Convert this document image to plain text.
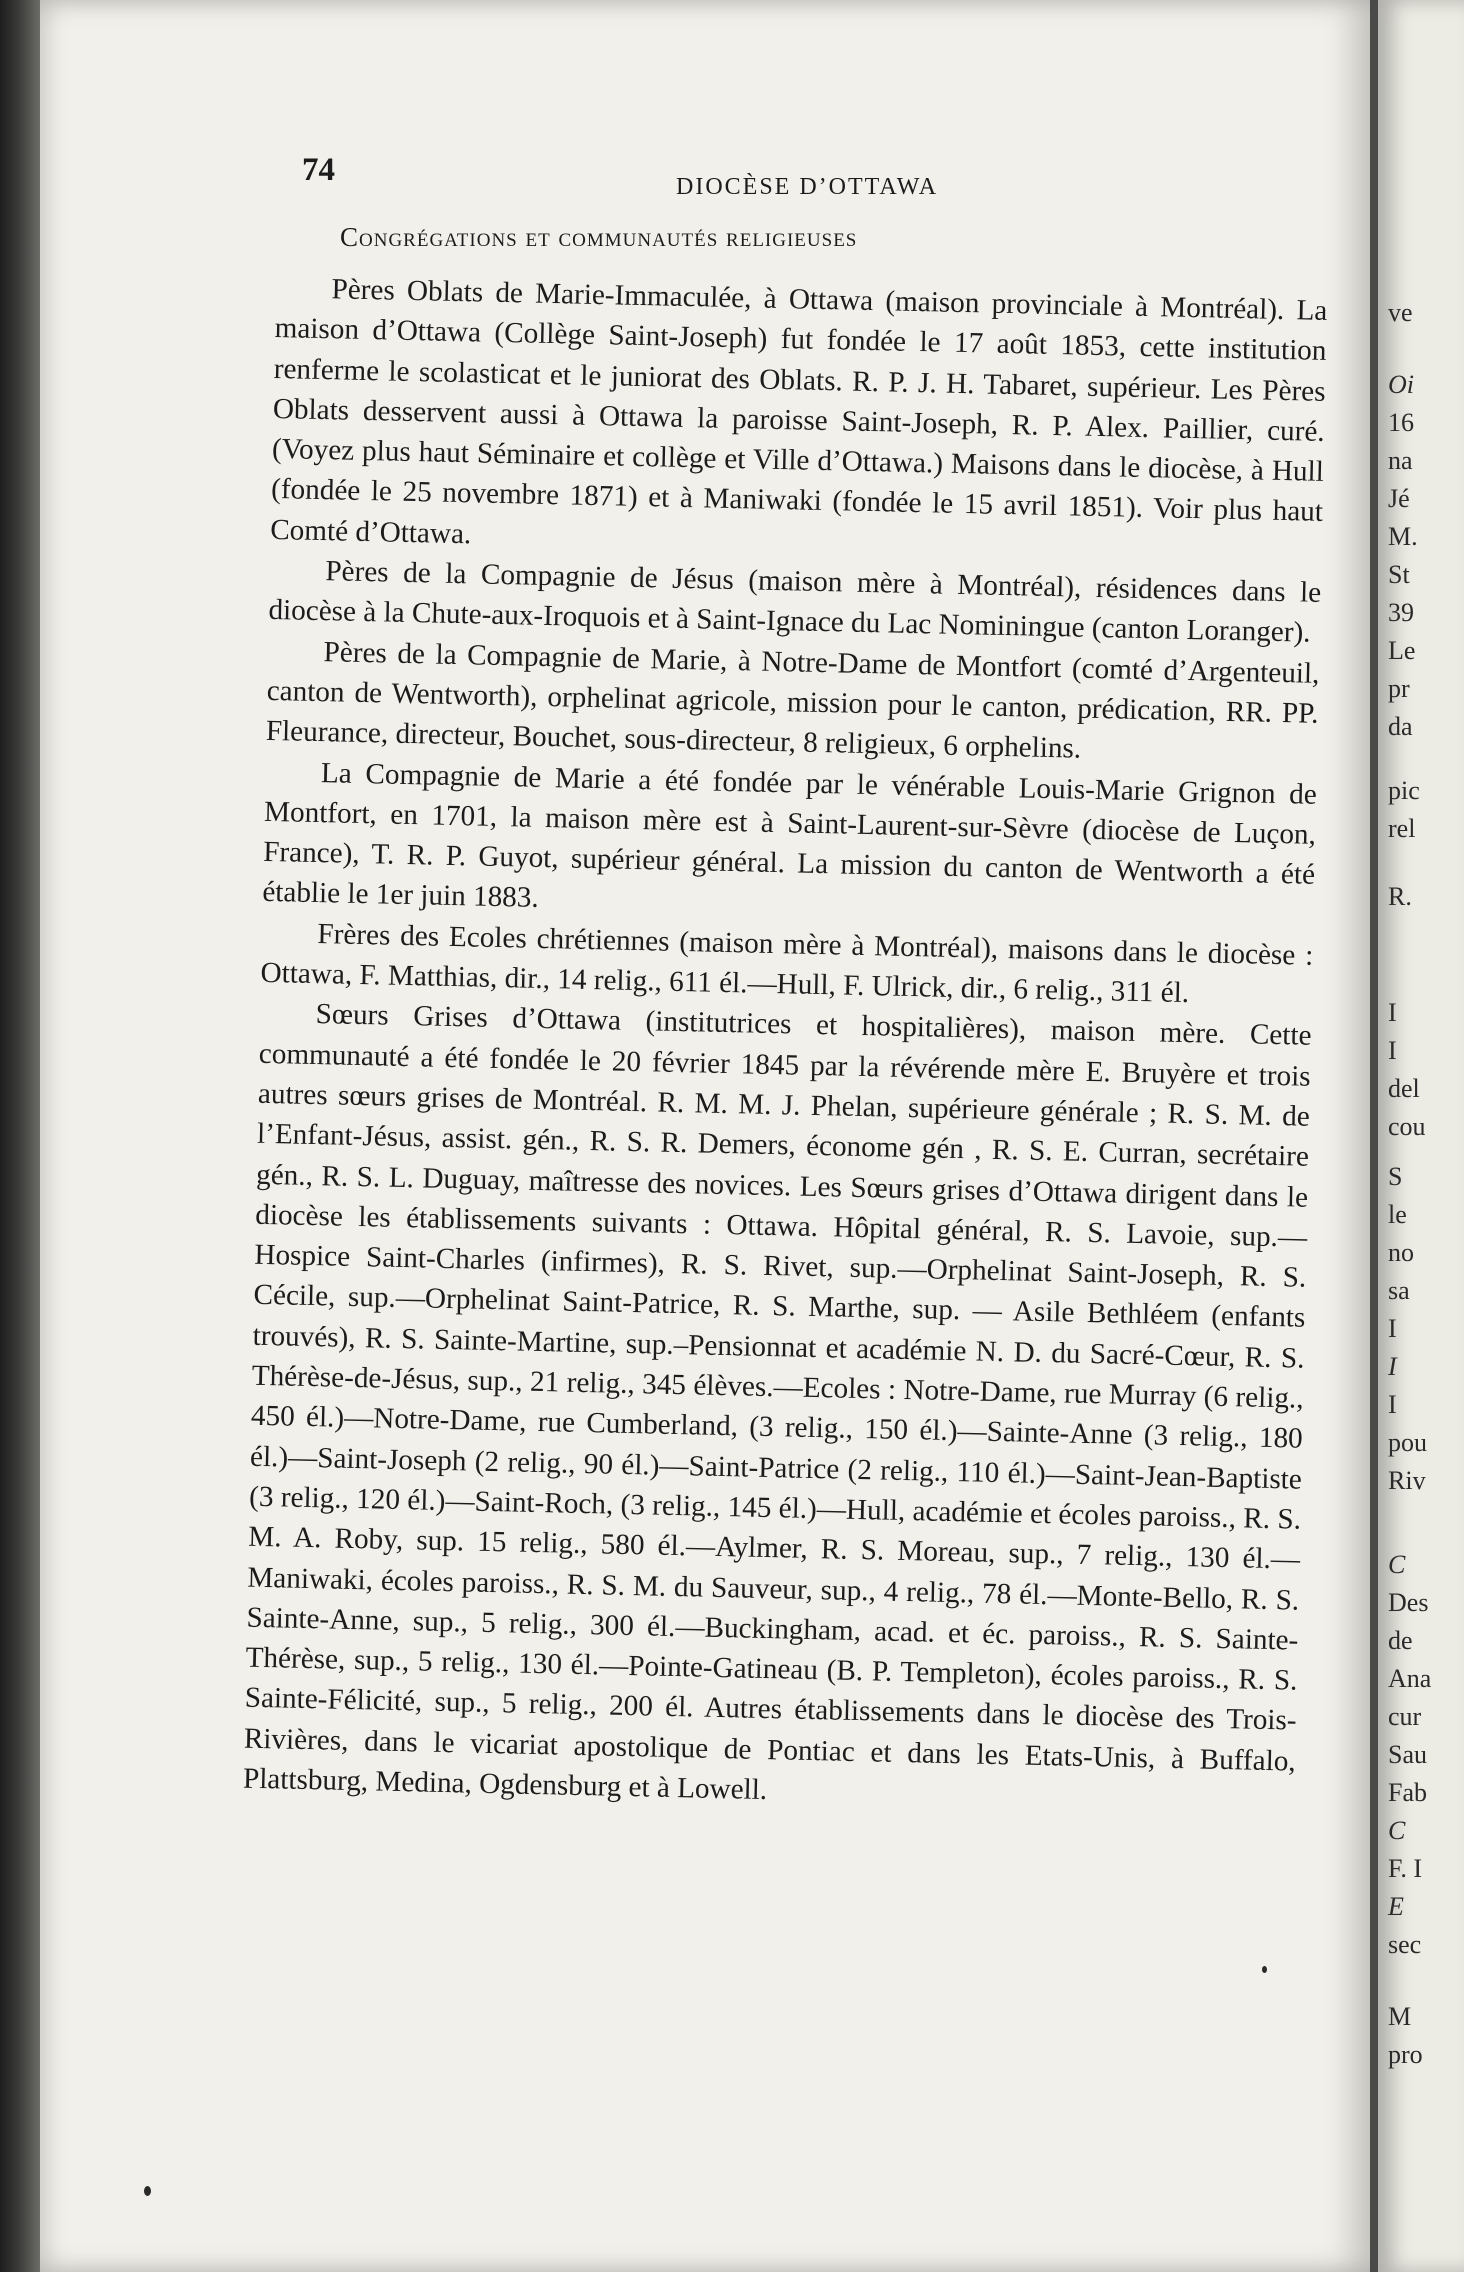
74	DIOCÈSE D’OTTAWA
Congrégations et communautés religieuses

Pères Oblats de Marie-Immaculée, à Ottawa (maison provinciale à Montréal). La maison d’Ottawa (Collège Saint-Joseph) fut fondée le 17 août 1853, cette institution renferme le scolasticat et le juniorat des Oblats. R. P. J. H. Tabaret, supérieur. Les Pères Oblats desservent aussi à Ottawa la paroisse Saint-Joseph, R. P. Alex. Paillier, curé. (Voyez plus haut Séminaire et collège et Ville d’Ottawa.) Maisons dans le diocèse, à Hull (fondée le 25 novembre 1871) et à Maniwaki (fondée le 15 avril 1851). Voir plus haut Comté d’Ottawa.

Pères de la Compagnie de Jésus (maison mère à Montréal), résidences dans le diocèse à la Chute-aux-Iroquois et à Saint-Ignace du Lac Nominingue (canton Loranger).

Pères de la Compagnie de Marie, à Notre-Dame de Montfort (comté d’Argenteuil, canton de Wentworth), orphelinat agricole, mission pour le canton, prédication, RR. PP. Fleurance, directeur, Bouchet, sous-directeur, 8 religieux, 6 orphelins.

La Compagnie de Marie a été fondée par le vénérable Louis-Marie Grignon de Montfort, en 1701, la maison mère est à Saint-Laurent-sur-Sèvre (diocèse de Luçon, France), T. R. P. Guyot, supérieur général. La mission du canton de Wentworth a été établie le 1er juin 1883.

Frères des Ecoles chrétiennes (maison mère à Montréal), maisons dans le diocèse : Ottawa, F. Matthias, dir., 14 relig., 611 él.—Hull, F. Ulrick, dir., 6 relig., 311 él.

Sœurs Grises d’Ottawa (institutrices et hospitalières), maison mère. Cette communauté a été fondée le 20 février 1845 par la révérende mère E. Bruyère et trois autres sœurs grises de Montréal. R. M. M. J. Phelan, supérieure générale ; R. S. M. de l’Enfant-Jésus, assist. gén., R. S. R. Demers, économe gén , R. S. E. Curran, secrétaire gén., R. S. L. Duguay, maîtresse des novices. Les Sœurs grises d’Ottawa dirigent dans le diocèse les établissements suivants : Ottawa. Hôpital général, R. S. Lavoie, sup.—Hospice Saint-Charles (infirmes), R. S. Rivet, sup.—Orphelinat Saint-Joseph, R. S. Cécile, sup.—Orphelinat Saint-Patrice, R. S. Marthe, sup. — Asile Bethléem (enfants trouvés), R. S. Sainte-Martine, sup.–Pensionnat et académie N. D. du Sacré-Cœur, R. S. Thérèse-de-Jésus, sup., 21 relig., 345 élèves.—Ecoles : Notre-Dame, rue Murray (6 relig., 450 él.)—Notre-Dame, rue Cumberland, (3 relig., 150 él.)—Sainte-Anne (3 relig., 180 él.)—Saint-Joseph (2 relig., 90 él.)—Saint-Patrice (2 relig., 110 él.)—Saint-Jean-Baptiste (3 relig., 120 él.)—Saint-Roch, (3 relig., 145 él.)—Hull, académie et écoles paroiss., R. S. M. A. Roby, sup. 15 relig., 580 él.—Aylmer, R. S. Moreau, sup., 7 relig., 130 él.—Maniwaki, écoles paroiss., R. S. M. du Sauveur, sup., 4 relig., 78 él.—Monte-Bello, R. S. Sainte-Anne, sup., 5 relig., 300 él.—Buckingham, acad. et éc. paroiss., R. S. Sainte-Thérèse, sup., 5 relig., 130 él.—Pointe-Gatineau (B. P. Templeton), écoles paroiss., R. S. Sainte-Félicité, sup., 5 relig., 200 él. Autres établissements dans le diocèse des Trois-Rivières, dans le vicariat apostolique de Pontiac et dans les Etats-Unis, à Buffalo, Plattsburg, Medina, Ogdensburg et à Lowell.

ve
Oi
16
na
Jé
M.
St
39
Le
pr
da
pic
rel
R.
I
I
del
cou
S
le
no
sa
I
I
I
pou
Riv
C
Des
de
Ana
cur
Sau
Fab
C
F. I
E
sec
M
pro
